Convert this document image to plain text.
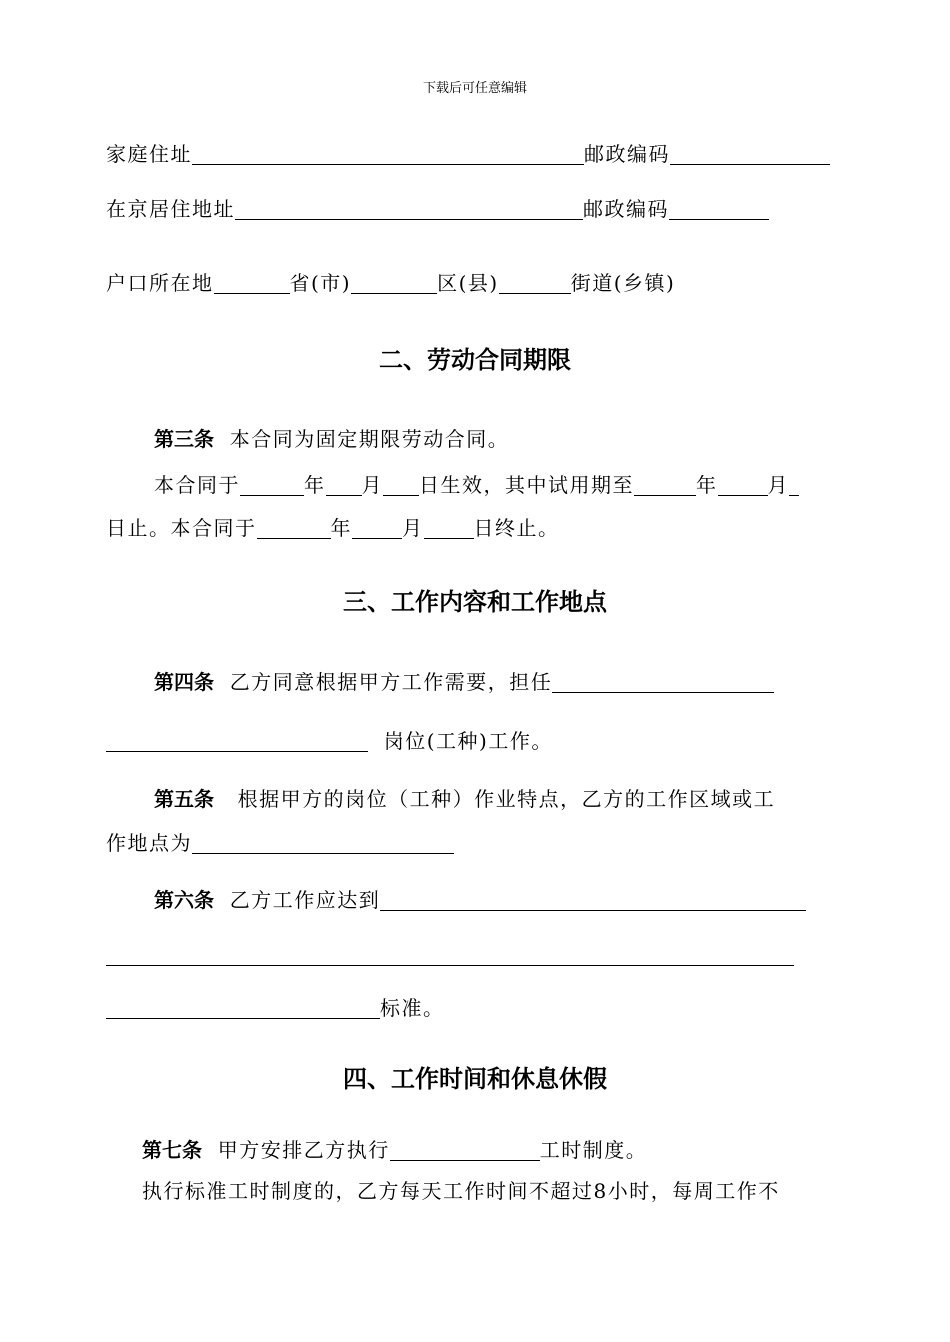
下载后可任意编辑
家庭住址	邮政编码
在京居住地址	邮政编码
户口所在地	省(市)	区(县)	街道(乡镇)
二、劳动合同期限
第三条 本合同为固定期限劳动合同。
本合同于	年 月 日生效，其中试用期至	年	月
日止。本合同于	年	月	日终止。
三、工作内容和工作地点
第四条 乙方同意根据甲方工作需要，担任
岗位(工种)工作。
第五条 根据甲方的岗位（工种）作业特点，乙方的工作区域或工
作地点为
第六条 乙方工作应达到
标准。
四、工作时间和休息休假
第七条 甲方安排乙方执行	工时制度。
执行标准工时制度的，乙方每天工作时间不超过8小时，每周工作不
